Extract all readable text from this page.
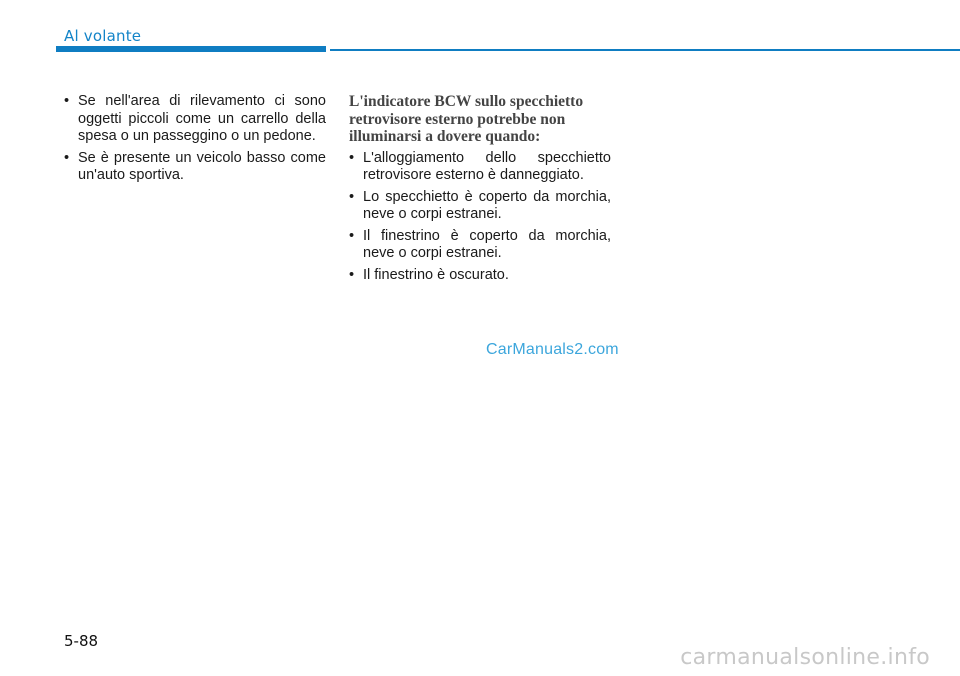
Al volante
• Se nell'area di rilevamento ci sono oggetti piccoli come un carrello della spesa o un passeggino o un pedone.
• Se è presente un veicolo basso come un'auto sportiva.
L'indicatore BCW sullo specchietto retrovisore esterno potrebbe non illuminarsi a dovere quando:
• L'alloggiamento dello specchietto retrovisore esterno è danneggiato.
• Lo specchietto è coperto da morchia, neve o corpi estranei.
• Il finestrino è coperto da morchia, neve o corpi estranei.
• Il finestrino è oscurato.
CarManuals2.com
5-88
carmanualsonline.info
